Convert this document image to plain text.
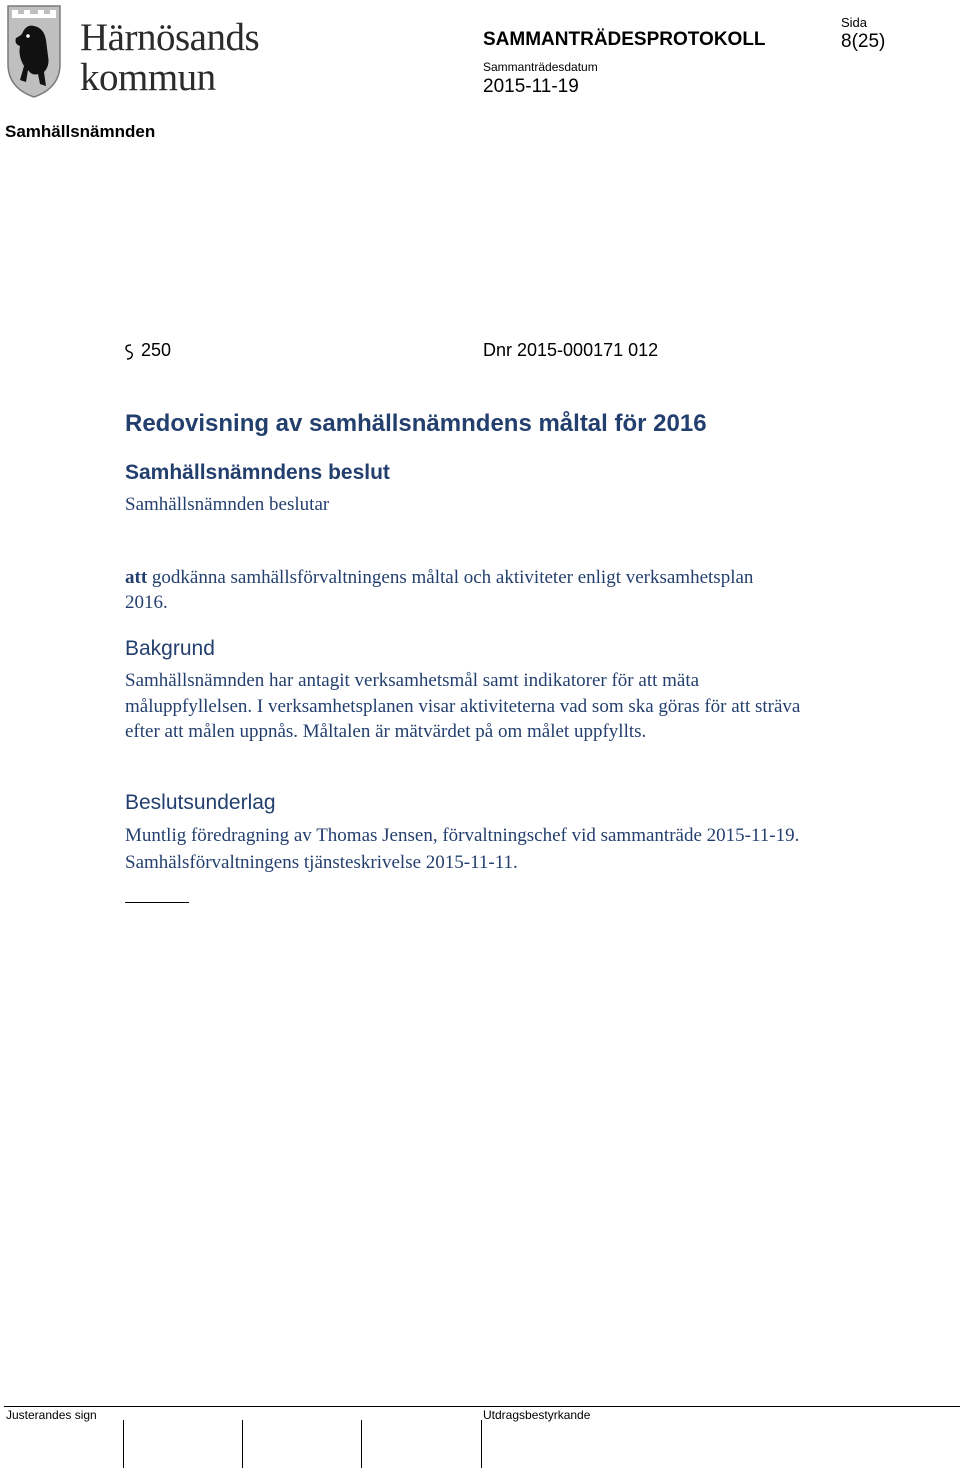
Härnösands
kommun
SAMMANTRÄDESPROTOKOLL
Sida
8(25)
Sammanträdesdatum
2015-11-19
Samhällsnämnden
250	Dnr 2015-000171 012
Redovisning av samhällsnämndens måltal för 2016
Samhällsnämndens beslut
Samhällsnämnden beslutar
att godkänna samhällsförvaltningens måltal och aktiviteter enligt verksamhetsplan 2016.
Bakgrund
Samhällsnämnden har antagit verksamhetsmål samt indikatorer för att mäta måluppfyllelsen. I verksamhetsplanen visar aktiviteterna vad som ska göras för att sträva efter att målen uppnås. Måltalen är mätvärdet på om målet uppfyllts.
Beslutsunderlag
Muntlig föredragning av Thomas Jensen, förvaltningschef vid sammanträde 2015-11-19. Samhälsförvaltningens tjänsteskrivelse 2015-11-11.
Justerandes sign	Utdragsbestyrkande
